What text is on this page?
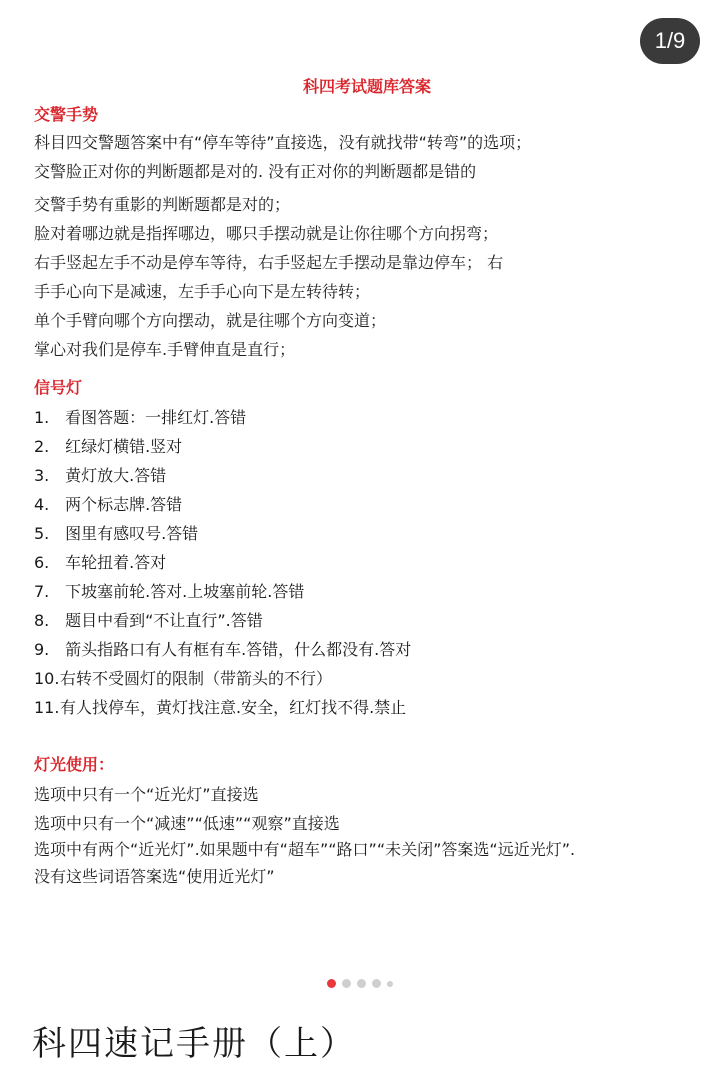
1/9
科四考试题库答案
交警手势
科目四交警题答案中有“停车等待”直接选，没有就找带“转弯”的选项；
交警脸正对你的判断题都是对的. 没有正对你的判断题都是错的
交警手势有重影的判断题都是对的；
脸对着哪边就是指挥哪边，哪只手摆动就是让你往哪个方向拐弯；
右手竖起左手不动是停车等待，右手竖起左手摆动是靠边停车； 右
手手心向下是减速，左手手心向下是左转待转；
单个手臂向哪个方向摆动，就是往哪个方向变道；
掌心对我们是停车.手臂伸直是直行；
信号灯
1. 看图答题：一排红灯.答错
2. 红绿灯横错.竖对
3. 黄灯放大.答错
4. 两个标志牌.答错
5. 图里有感叹号.答错
6. 车轮扭着.答对
7. 下坡塞前轮.答对.上坡塞前轮.答错
8. 题目中看到“不让直行”.答错
9. 箭头指路口有人有框有车.答错，什么都没有.答对
10.右转不受圆灯的限制（带箭头的不行）
11.有人找停车，黄灯找注意.安全，红灯找不得.禁止
灯光使用：
选项中只有一个“近光灯”直接选
选项中只有一个“减速”“低速”“观察”直接选
选项中有两个“近光灯”.如果题中有“超车”“路口”“未关闭”答案选“远近光灯”.
没有这些词语答案选“使用近光灯”

科四速记手册（上）
